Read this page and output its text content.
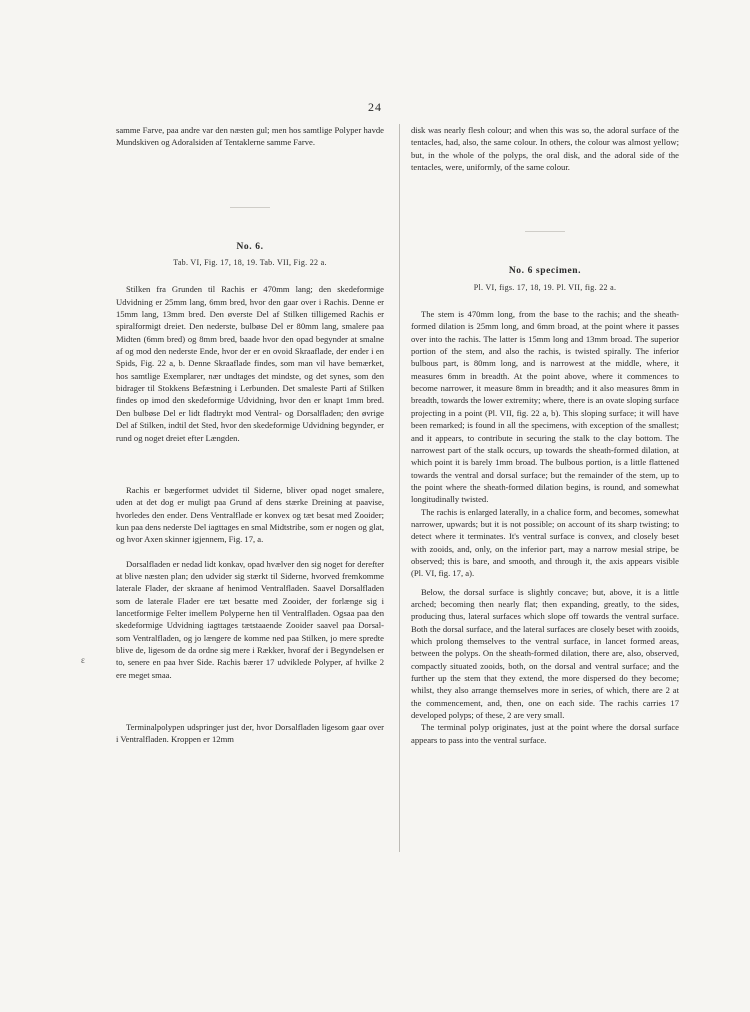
24
ɛ

samme Farve, paa andre var den næsten gul; men hos samtlige Polyper havde Mundskiven og Adoralsiden af Tentaklerne samme Farve.

No. 6.
Tab. VI, Fig. 17, 18, 19. Tab. VII, Fig. 22 a.

Stilken fra Grunden til Rachis er 470mm lang; den skedeformige Udvidning er 25mm lang, 6mm bred, hvor den gaar over i Rachis. Denne er 15mm lang, 13mm bred. Den øverste Del af Stilken tilligemed Rachis er spiralformigt dreiet. Den nederste, bulbøse Del er 80mm lang, smalere paa Midten (6mm bred) og 8mm bred, baade hvor den opad begynder at smalne af og mod den nederste Ende, hvor der er en ovoid Skraaflade, der ender i en Spids, Fig. 22 a, b. Denne Skraaflade findes, som man vil have bemærket, hos samtlige Exemplarer, nær undtages det mindste, og det synes, som den bidrager til Stokkens Befæstning i Lerbunden. Det smaleste Parti af Stilken findes op imod den skedeformige Udvidning, hvor den er knapt 1mm bred. Den bulbøse Del er lidt fladtrykt mod Ventral- og Dorsalfladen; den øvrige Del af Stilken, indtil det Sted, hvor den skedeformige Udvidning begynder, er rund og noget dreiet efter Længden.

Rachis er bægerformet udvidet til Siderne, bliver opad noget smalere, uden at det dog er muligt paa Grund af dens stærke Dreining at paavise, hvorledes den ender. Dens Ventralflade er konvex og tæt besat med Zooider; kun paa dens nederste Del iagttages en smal Midtstribe, som er nogen og glat, og hvor Axen skinner igjennem, Fig. 17, a.

Dorsalfladen er nedad lidt konkav, opad hvælver den sig noget for derefter at blive næsten plan; den udvider sig stærkt til Siderne, hvorved fremkomme laterale Flader, der skraane af henimod Ventralfladen. Saavel Dorsalfladen som de laterale Flader ere tæt besatte med Zooider, der forlænge sig i lancetformige Felter imellem Polyperne hen til Ventralfladen. Ogsaa paa den skedeformige Udvidning iagttages tætstaaende Zooider saavel paa Dorsal- som Ventralfladen, og jo længere de komme ned paa Stilken, jo mere spredte blive de, ligesom de da ordne sig mere i Rækker, hvoraf der i Begyndelsen er to, senere en paa hver Side. Rachis bærer 17 udviklede Polyper, af hvilke 2 ere meget smaa.

Terminalpolypen udspringer just der, hvor Dorsalfladen ligesom gaar over i Ventralfladen. Kroppen er 12mm

disk was nearly flesh colour; and when this was so, the adoral surface of the tentacles, had, also, the same colour. In others, the colour was almost yellow; but, in the whole of the polyps, the oral disk, and the adoral side of the tentacles, were, uniformly, of the same colour.

No. 6 specimen.
Pl. VI, figs. 17, 18, 19. Pl. VII, fig. 22 a.

The stem is 470mm long, from the base to the rachis; and the sheath-formed dilation is 25mm long, and 6mm broad, at the point where it passes over into the rachis. The latter is 15mm long and 13mm broad. The superior portion of the stem, and also the rachis, is twisted spirally. The inferior bulbous part, is 80mm long, and is narrowest at the middle, where, it measures 6mm in breadth. At the point above, where it commences to become narrower, it measure 8mm in breadth; and it also measures 8mm in breadth, towards the lower extremity; where, there is an ovate sloping surface projecting in a point (Pl. VII, fig. 22 a, b). This sloping surface; it will have been remarked; is found in all the specimens, with exception of the smallest; and it appears, to contribute in securing the stalk to the clay bottom. The narrowest part of the stalk occurs, up towards the sheath-formed dilation, at which point it is barely 1mm broad. The bulbous portion, is a little flattened towards the ventral and dorsal surface; but the remainder of the stem, up to the point where the sheath-formed dilation begins, is round, and somewhat longitudinally twisted.

The rachis is enlarged laterally, in a chalice form, and becomes, somewhat narrower, upwards; but it is not possible; on account of its sharp twisting; to detect where it terminates. It's ventral surface is convex, and closely beset with zooids, and, only, on the inferior part, may a narrow mesial stripe, be observed; this is bare, and smooth, and through it, the axis appears visible (Pl. VI, fig. 17, a).

Below, the dorsal surface is slightly concave; but, above, it is a little arched; becoming then nearly flat; then expanding, greatly, to the sides, producing thus, lateral surfaces which slope off towards the ventral surface. Both the dorsal surface, and the lateral surfaces are closely beset with zooids, which prolong themselves to the ventral surface, in lancet formed areas, between the polyps. On the sheath-formed dilation, there are, also, observed, compactly situated zooids, both, on the dorsal and ventral surface; and the further up the stem that they extend, the more dispersed do they become; whilst, they also arrange themselves more in series, of which, there are 2 at the commencement, and, then, one on each side. The rachis carries 17 developed polyps; of these, 2 are very small.

The terminal polyp originates, just at the point where the dorsal surface appears to pass into the ventral surface.
